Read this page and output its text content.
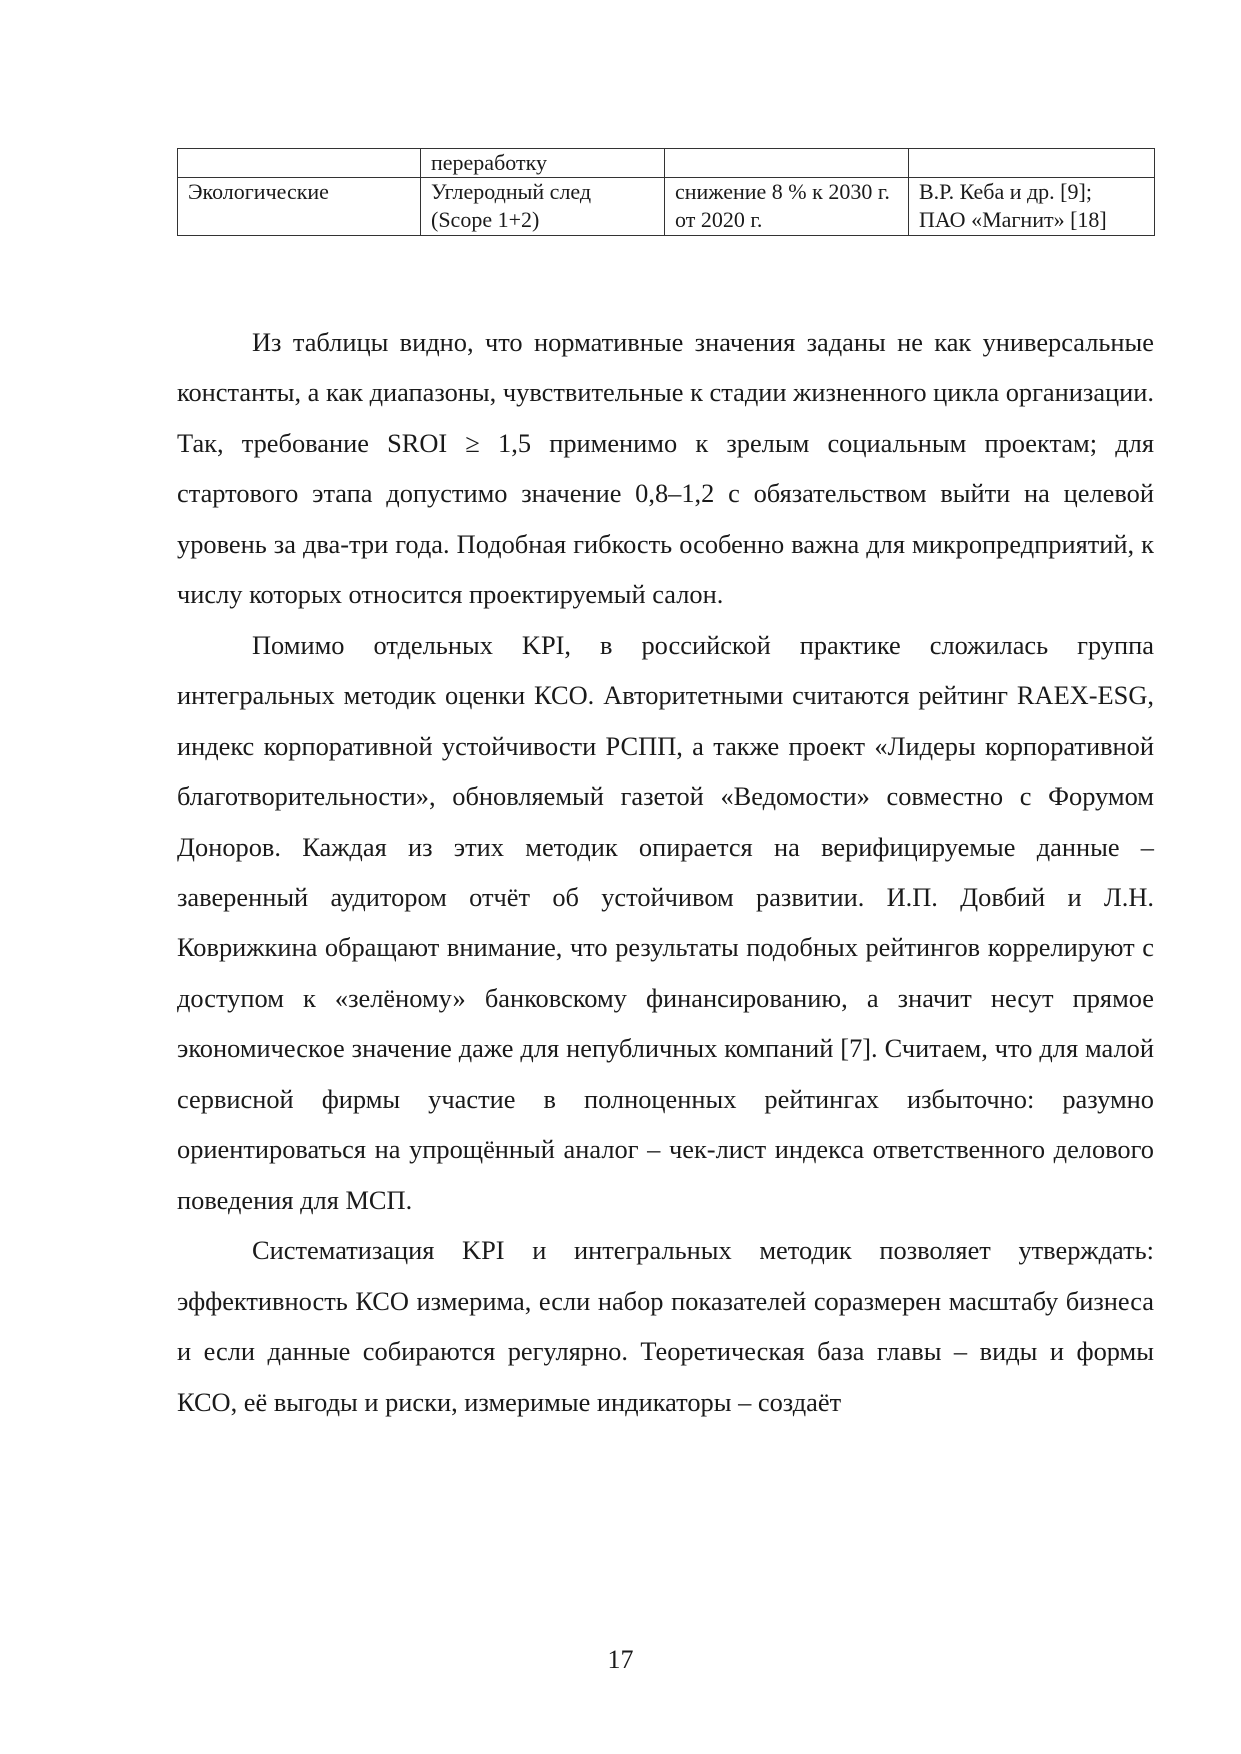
	переработку		
Экологические	Углеродный след (Scope 1+2)	снижение 8 % к 2030 г. от 2020 г.	В.Р. Кеба и др. [9]; ПАО «Магнит» [18]

Из таблицы видно, что нормативные значения заданы не как универсальные константы, а как диапазоны, чувствительные к стадии жизненного цикла организации. Так, требование SROI ≥ 1,5 применимо к зрелым социальным проектам; для стартового этапа допустимо значение 0,8–1,2 с обязательством выйти на целевой уровень за два-три года. Подобная гибкость особенно важна для микропредприятий, к числу которых относится проектируемый салон.

Помимо отдельных KPI, в российской практике сложилась группа интегральных методик оценки КСО. Авторитетными считаются рейтинг RAEX-ESG, индекс корпоративной устойчивости РСПП, а также проект «Лидеры корпоративной благотворительности», обновляемый газетой «Ведомости» совместно с Форумом Доноров. Каждая из этих методик опирается на верифицируемые данные – заверенный аудитором отчёт об устойчивом развитии. И.П. Довбий и Л.Н. Коврижкина обращают внимание, что результаты подобных рейтингов коррелируют с доступом к «зелёному» банковскому финансированию, а значит несут прямое экономическое значение даже для непубличных компаний [7]. Считаем, что для малой сервисной фирмы участие в полноценных рейтингах избыточно: разумно ориентироваться на упрощённый аналог – чек-лист индекса ответственного делового поведения для МСП.

Систематизация KPI и интегральных методик позволяет утверждать: эффективность КСО измерима, если набор показателей соразмерен масштабу бизнеса и если данные собираются регулярно. Теоретическая база главы – виды и формы КСО, её выгоды и риски, измеримые индикаторы – создаёт

17
